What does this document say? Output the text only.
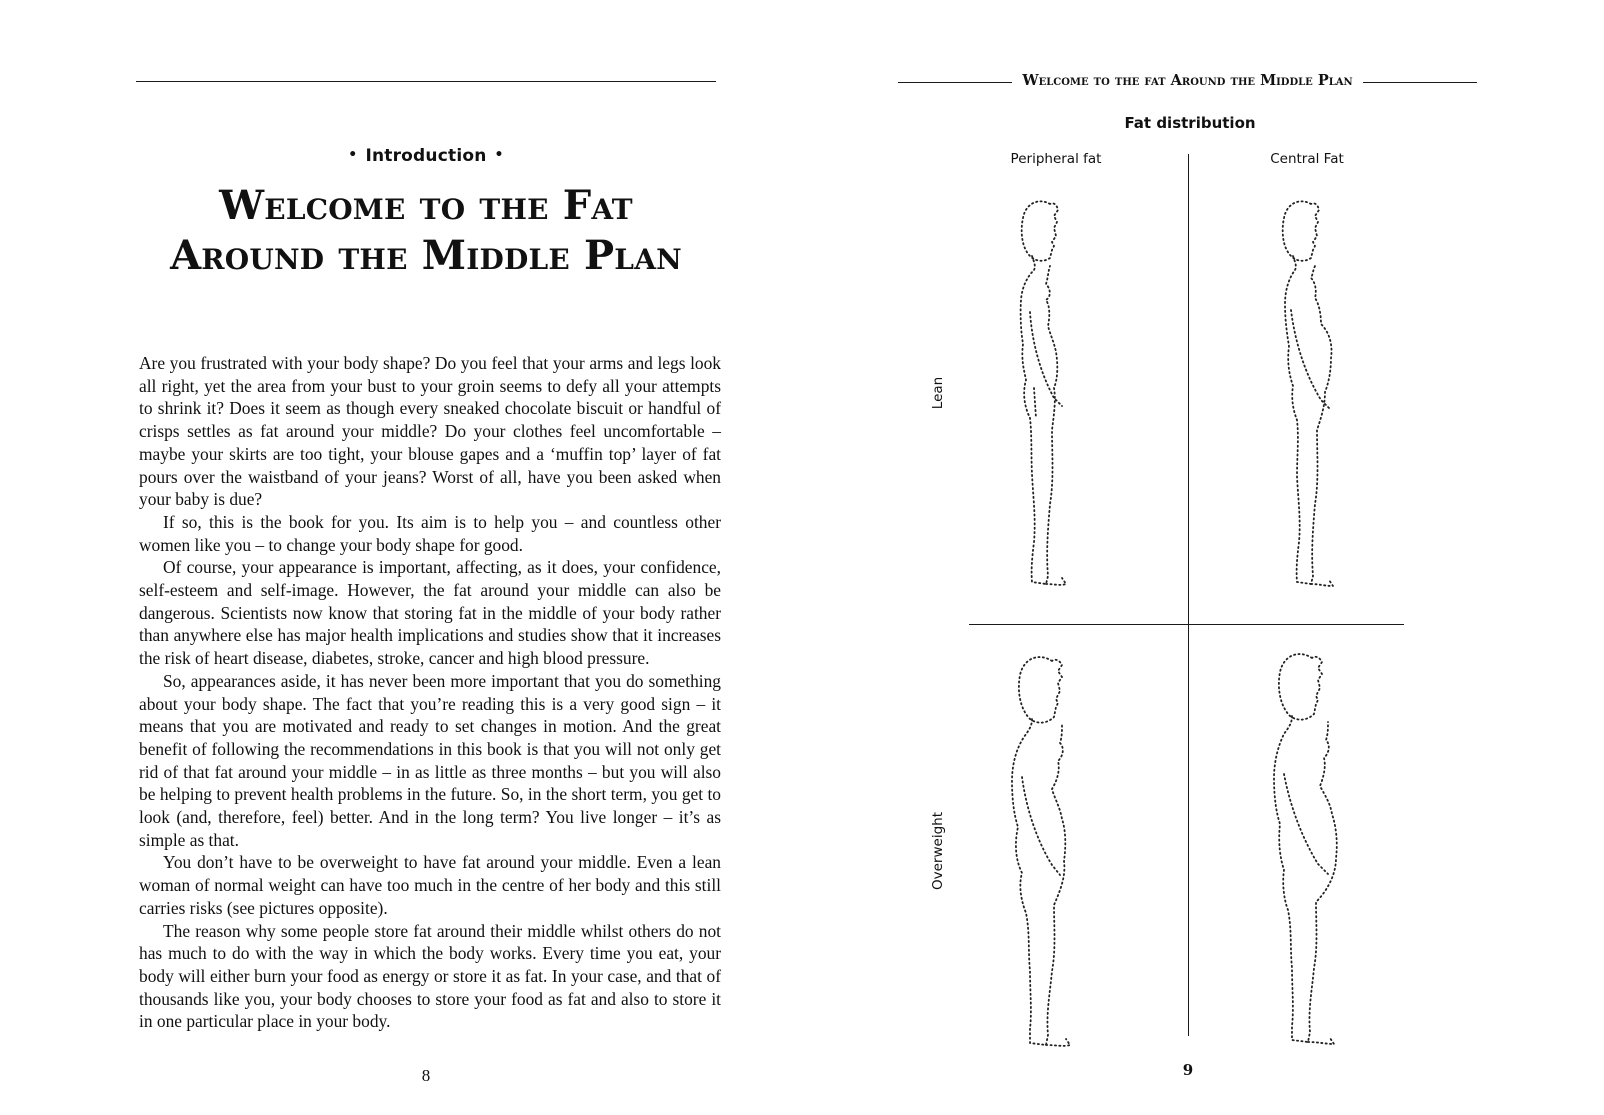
• Introduction •
Welcome to the Fat
Around the Middle Plan

Are you frustrated with your body shape? Do you feel that your arms and legs look all right, yet the area from your bust to your groin seems to defy all your attempts to shrink it? Does it seem as though every sneaked chocolate biscuit or handful of crisps settles as fat around your middle? Do your clothes feel uncomfortable – maybe your skirts are too tight, your blouse gapes and a ‘muffin top’ layer of fat pours over the waistband of your jeans? Worst of all, have you been asked when your baby is due?

If so, this is the book for you. Its aim is to help you – and countless other women like you – to change your body shape for good.

Of course, your appearance is important, affecting, as it does, your confidence, self-esteem and self-image. However, the fat around your middle can also be dangerous. Scientists now know that storing fat in the middle of your body rather than anywhere else has major health implications and studies show that it increases the risk of heart disease, diabetes, stroke, cancer and high blood pressure.

So, appearances aside, it has never been more important that you do something about your body shape. The fact that you’re reading this is a very good sign – it means that you are motivated and ready to set changes in motion. And the great benefit of following the recommendations in this book is that you will not only get rid of that fat around your middle – in as little as three months – but you will also be helping to prevent health problems in the future. So, in the short term, you get to look (and, therefore, feel) better. And in the long term? You live longer – it’s as simple as that.

You don’t have to be overweight to have fat around your middle. Even a lean woman of normal weight can have too much in the centre of her body and this still carries risks (see pictures opposite).

The reason why some people store fat around their middle whilst others do not has much to do with the way in which the body works. Every time you eat, your body will either burn your food as energy or store it as fat. In your case, and that of thousands like you, your body chooses to store your food as fat and also to store it in one particular place in your body.

8
Welcome to the fat Around the Middle Plan
Fat distribution
Peripheral fat	Central Fat
Lean
Overweight
9
